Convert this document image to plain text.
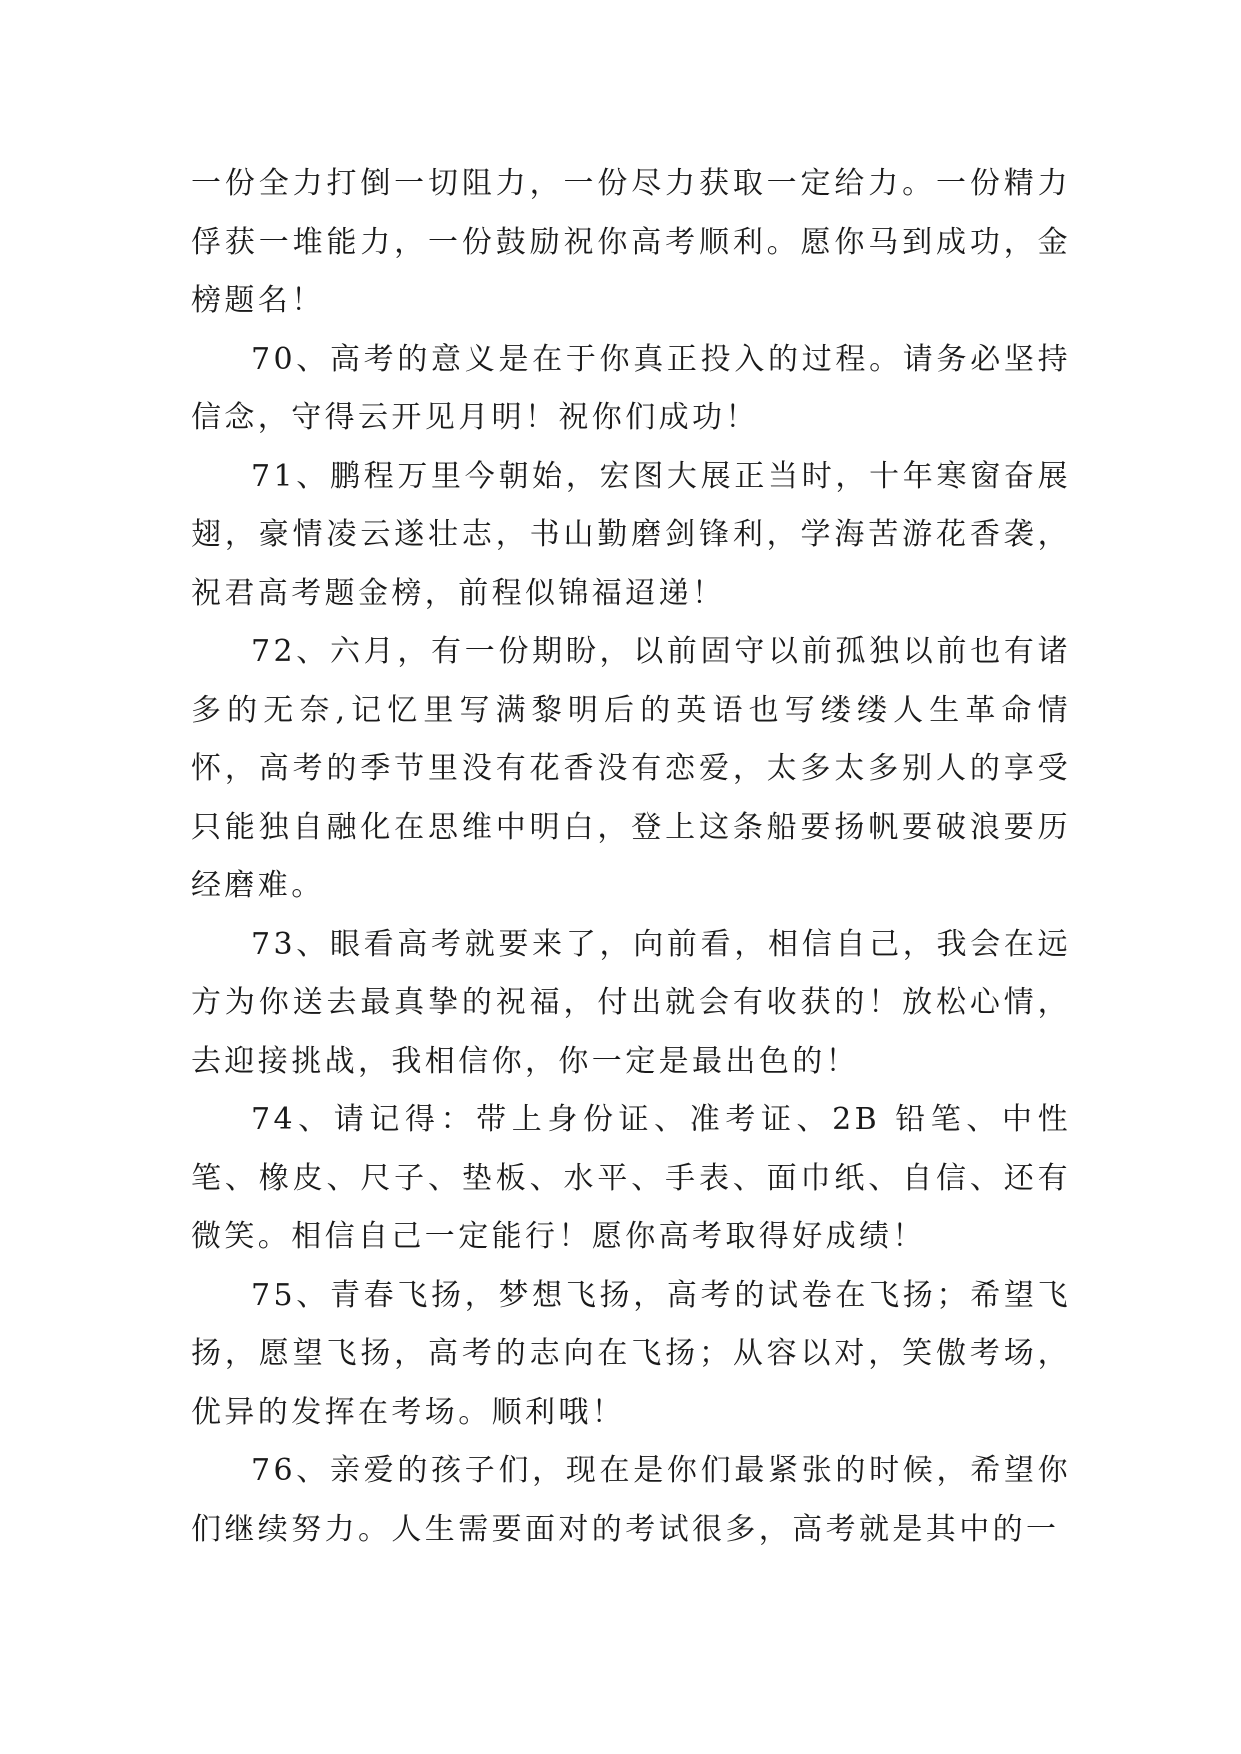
一份全力打倒一切阻力，一份尽力获取一定给力。一份精力俘获一堆能力，一份鼓励祝你高考顺利。愿你马到成功，金榜题名！

70、高考的意义是在于你真正投入的过程。请务必坚持信念，守得云开见月明！祝你们成功！

71、鹏程万里今朝始，宏图大展正当时，十年寒窗奋展翅，豪情凌云遂壮志，书山勤磨剑锋利，学海苦游花香袭，祝君高考题金榜，前程似锦福迢递！

72、六月，有一份期盼，以前固守以前孤独以前也有诸多的无奈,记忆里写满黎明后的英语也写缕缕人生革命情怀，高考的季节里没有花香没有恋爱，太多太多别人的享受只能独自融化在思维中明白，登上这条船要扬帆要破浪要历经磨难。

73、眼看高考就要来了，向前看，相信自己，我会在远方为你送去最真挚的祝福，付出就会有收获的！放松心情，去迎接挑战，我相信你，你一定是最出色的！

74、请记得：带上身份证、准考证、2B 铅笔、中性笔、橡皮、尺子、垫板、水平、手表、面巾纸、自信、还有微笑。相信自己一定能行！愿你高考取得好成绩！

75、青春飞扬，梦想飞扬，高考的试卷在飞扬；希望飞扬，愿望飞扬，高考的志向在飞扬；从容以对，笑傲考场，优异的发挥在考场。顺利哦！

76、亲爱的孩子们，现在是你们最紧张的时候，希望你们继续努力。人生需要面对的考试很多，高考就是其中的一
